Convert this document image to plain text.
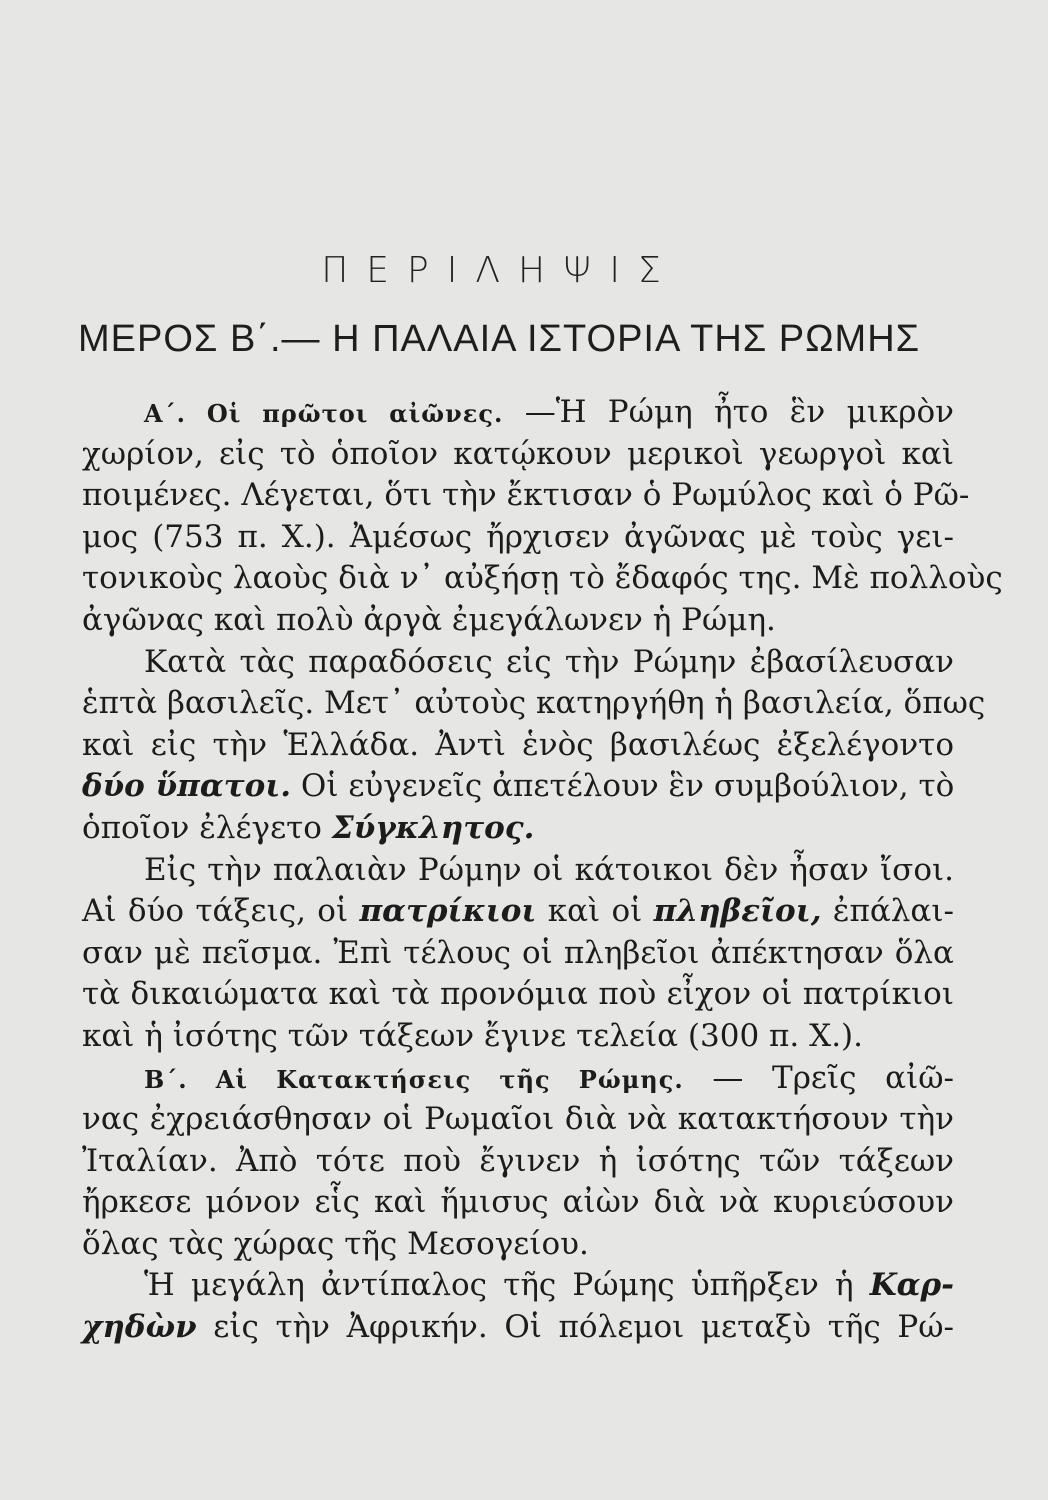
ΠΕΡΙΛΗΨΙΣ
ΜΕΡΟΣ Β΄.— Η ΠΑΛΑΙΑ ΙΣΤΟΡΙΑ ΤΗΣ ΡΩΜΗΣ
Α΄. Οἱ πρῶτοι αἰῶνες. —Ἡ Ρώμη ἦτο ἓν μικρὸν
χωρίον, εἰς τὸ ὁποῖον κατῴκουν μερικοὶ γεωργοὶ καὶ
ποιμένες. Λέγεται, ὅτι τὴν ἔκτισαν ὁ Ρωμύλος καὶ ὁ Ρῶ-
μος (753 π. Χ.). Ἀμέσως ἤρχισεν ἀγῶνας μὲ τοὺς γει-
τονικοὺς λαοὺς διὰ ν᾽ αὐξήσῃ τὸ ἔδαφός της. Μὲ πολλοὺς
ἀγῶνας καὶ πολὺ ἀργὰ ἐμεγάλωνεν ἡ Ρώμη.
Κατὰ τὰς παραδόσεις εἰς τὴν Ρώμην ἐβασίλευσαν
ἑπτὰ βασιλεῖς. Μετ᾽ αὐτοὺς κατηργήθη ἡ βασιλεία, ὅπως
καὶ εἰς τὴν Ἑλλάδα. Ἀντὶ ἑνὸς βασιλέως ἐξελέγοντο
δύο ὕπατοι. Οἱ εὐγενεῖς ἀπετέλουν ἓν συμβούλιον, τὸ
ὁποῖον ἐλέγετο Σύγκλητος.
Εἰς τὴν παλαιὰν Ρώμην οἱ κάτοικοι δὲν ἦσαν ἴσοι.
Αἱ δύο τάξεις, οἱ πατρίκιοι καὶ οἱ πληβεῖοι, ἐπάλαι-
σαν μὲ πεῖσμα. Ἐπὶ τέλους οἱ πληβεῖοι ἀπέκτησαν ὅλα
τὰ δικαιώματα καὶ τὰ προνόμια ποὺ εἶχον οἱ πατρίκιοι
καὶ ἡ ἰσότης τῶν τάξεων ἔγινε τελεία (300 π. Χ.).
Β΄. Αἱ Κατακτήσεις τῆς Ρώμης. — Τρεῖς αἰῶ-
νας ἐχρειάσθησαν οἱ Ρωμαῖοι διὰ νὰ κατακτήσουν τὴν
Ἰταλίαν. Ἀπὸ τότε ποὺ ἔγινεν ἡ ἰσότης τῶν τάξεων
ἤρκεσε μόνον εἷς καὶ ἥμισυς αἰὼν διὰ νὰ κυριεύσουν
ὅλας τὰς χώρας τῆς Μεσογείου.
Ἡ μεγάλη ἀντίπαλος τῆς Ρώμης ὑπῆρξεν ἡ Καρ-
χηδὼν εἰς τὴν Ἀφρικήν. Οἱ πόλεμοι μεταξὺ τῆς Ρώ-
